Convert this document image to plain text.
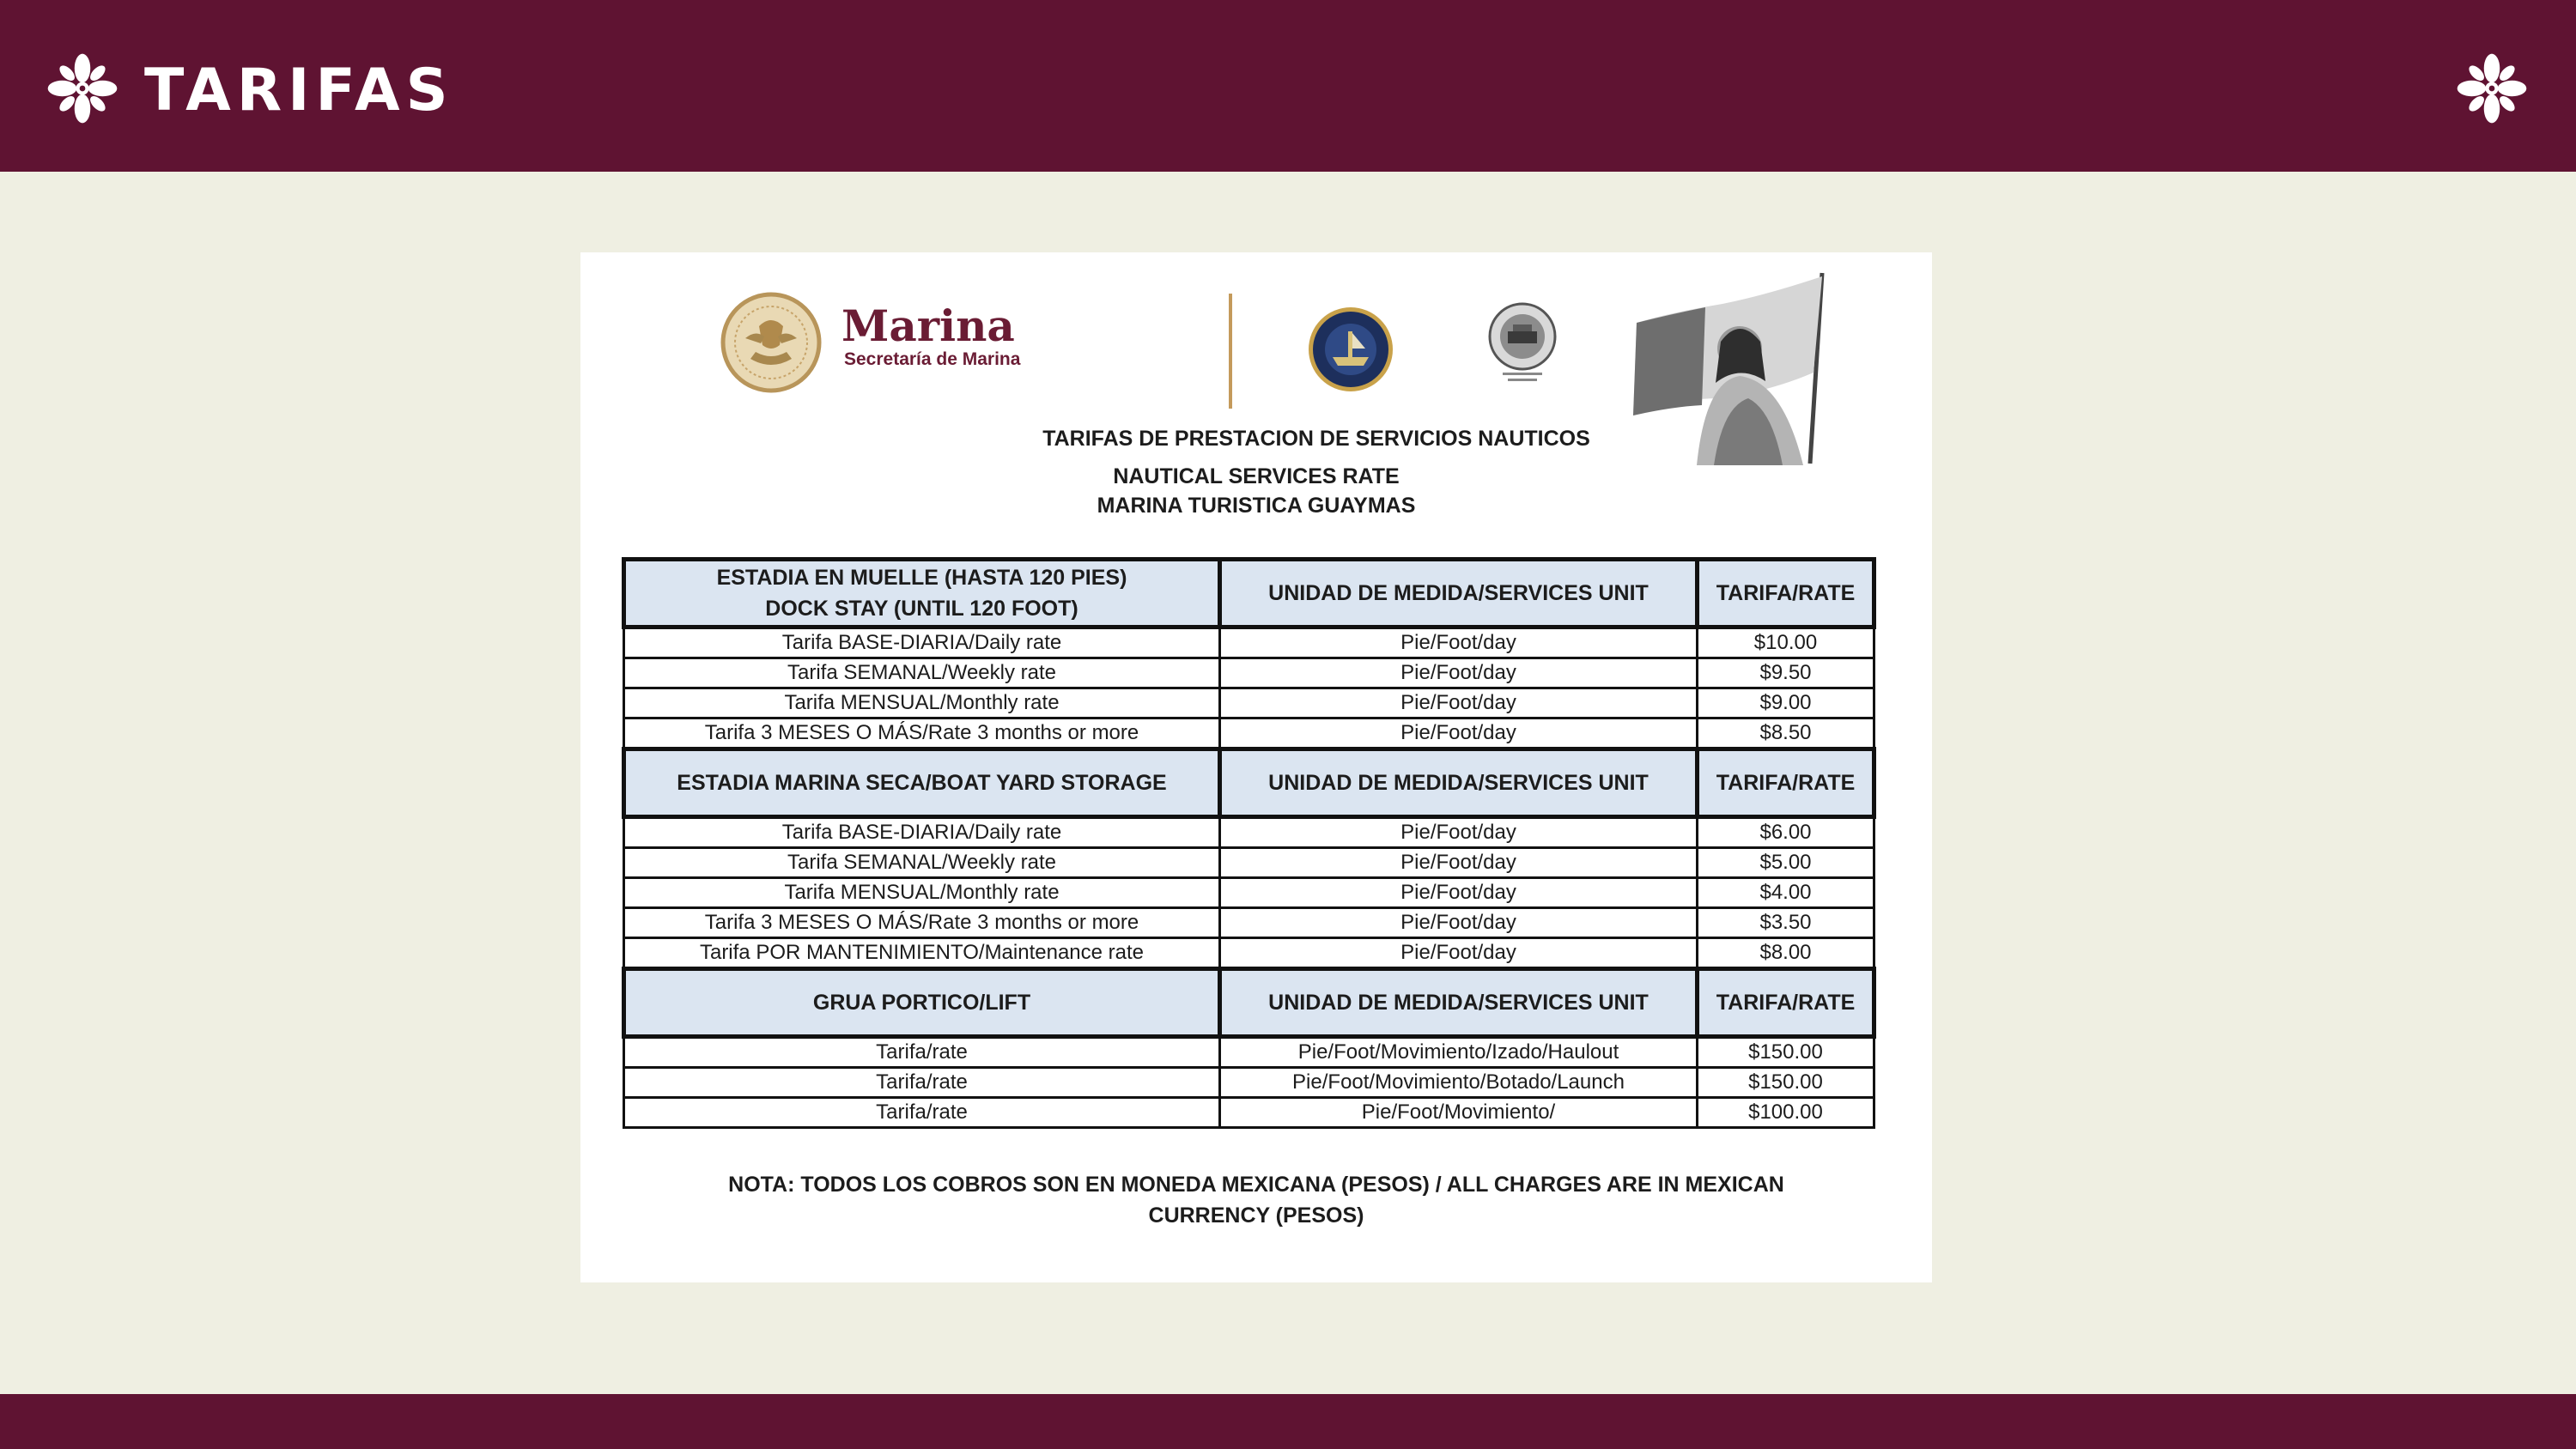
TARIFAS
Marina
Secretaría de Marina
TARIFAS DE PRESTACION DE SERVICIOS NAUTICOS
NAUTICAL SERVICES RATE
MARINA TURISTICA GUAYMAS
ESTADIA EN MUELLE (HASTA 120 PIES)
DOCK STAY (UNTIL 120 FOOT)	UNIDAD DE MEDIDA/SERVICES UNIT	TARIFA/RATE
Tarifa BASE-DIARIA/Daily rate	Pie/Foot/day	$10.00
Tarifa SEMANAL/Weekly rate	Pie/Foot/day	$9.50
Tarifa MENSUAL/Monthly rate	Pie/Foot/day	$9.00
Tarifa 3 MESES O MÁS/Rate 3 months or more	Pie/Foot/day	$8.50
ESTADIA MARINA SECA/BOAT YARD STORAGE	UNIDAD DE MEDIDA/SERVICES UNIT	TARIFA/RATE
Tarifa BASE-DIARIA/Daily rate	Pie/Foot/day	$6.00
Tarifa SEMANAL/Weekly rate	Pie/Foot/day	$5.00
Tarifa MENSUAL/Monthly rate	Pie/Foot/day	$4.00
Tarifa 3 MESES O MÁS/Rate 3 months or more	Pie/Foot/day	$3.50
Tarifa POR MANTENIMIENTO/Maintenance rate	Pie/Foot/day	$8.00
GRUA PORTICO/LIFT	UNIDAD DE MEDIDA/SERVICES UNIT	TARIFA/RATE
Tarifa/rate	Pie/Foot/Movimiento/Izado/Haulout	$150.00
Tarifa/rate	Pie/Foot/Movimiento/Botado/Launch	$150.00
Tarifa/rate	Pie/Foot/Movimiento/	$100.00
NOTA: TODOS LOS COBROS SON EN MONEDA MEXICANA (PESOS) / ALL CHARGES ARE IN MEXICAN CURRENCY (PESOS)
